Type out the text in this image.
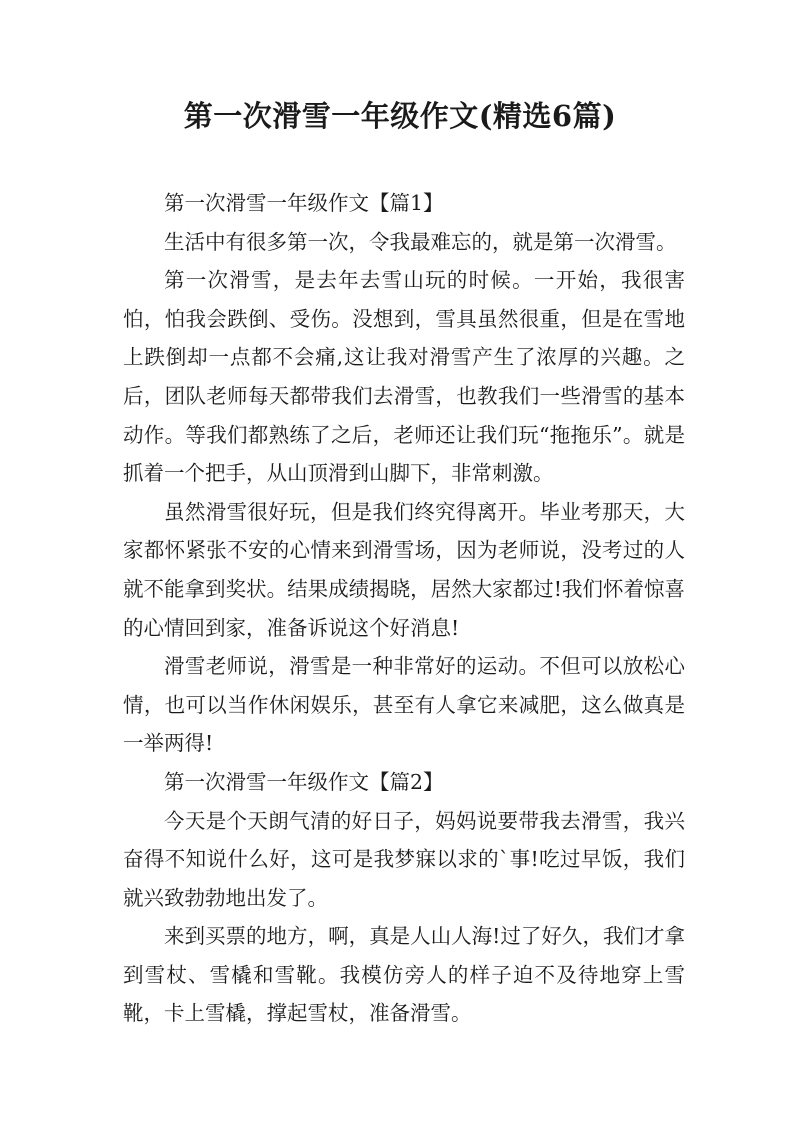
第一次滑雪一年级作文(精选6篇)

第一次滑雪一年级作文【篇1】

生活中有很多第一次，令我最难忘的，就是第一次滑雪。

第一次滑雪，是去年去雪山玩的时候。一开始，我很害怕，怕我会跌倒、受伤。没想到，雪具虽然很重，但是在雪地上跌倒却一点都不会痛,这让我对滑雪产生了浓厚的兴趣。之后，团队老师每天都带我们去滑雪，也教我们一些滑雪的基本动作。等我们都熟练了之后，老师还让我们玩“拖拖乐”。就是抓着一个把手，从山顶滑到山脚下，非常刺激。

虽然滑雪很好玩，但是我们终究得离开。毕业考那天，大家都怀紧张不安的心情来到滑雪场，因为老师说，没考过的人就不能拿到奖状。结果成绩揭晓，居然大家都过!我们怀着惊喜的心情回到家，准备诉说这个好消息!

滑雪老师说，滑雪是一种非常好的运动。不但可以放松心情，也可以当作休闲娱乐，甚至有人拿它来减肥，这么做真是一举两得!

第一次滑雪一年级作文【篇2】

今天是个天朗气清的好日子，妈妈说要带我去滑雪，我兴奋得不知说什么好，这可是我梦寐以求的`事!吃过早饭，我们就兴致勃勃地出发了。

来到买票的地方，啊，真是人山人海!过了好久，我们才拿到雪杖、雪橇和雪靴。我模仿旁人的样子迫不及待地穿上雪靴，卡上雪橇，撑起雪杖，准备滑雪。
